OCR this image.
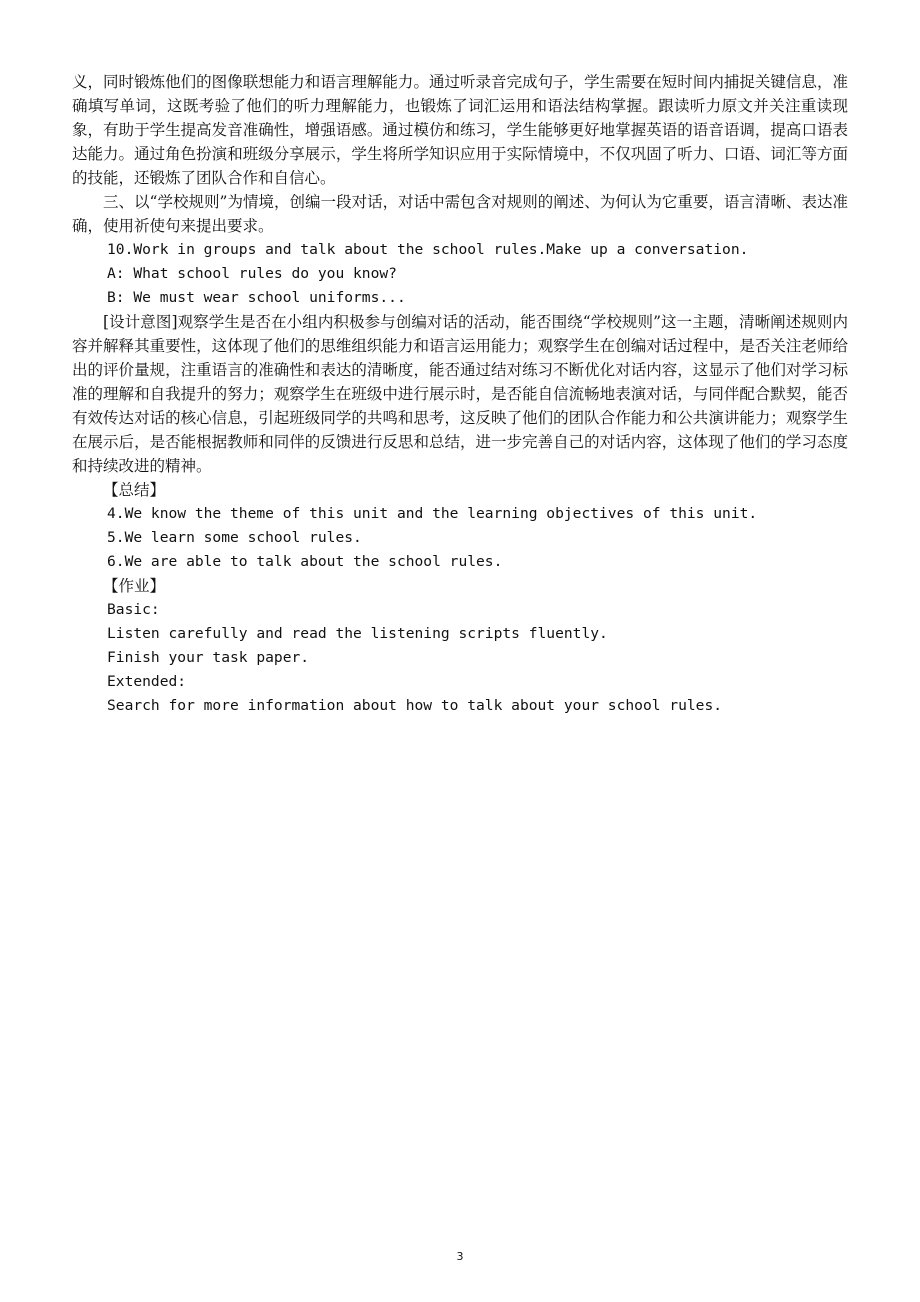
义，同时锻炼他们的图像联想能力和语言理解能力。通过听录音完成句子，学生需要在短时间内捕捉关键信息，准确填写单词，这既考验了他们的听力理解能力，也锻炼了词汇运用和语法结构掌握。跟读听力原文并关注重读现象，有助于学生提高发音准确性，增强语感。通过模仿和练习，学生能够更好地掌握英语的语音语调，提高口语表达能力。通过角色扮演和班级分享展示，学生将所学知识应用于实际情境中，不仅巩固了听力、口语、词汇等方面的技能，还锻炼了团队合作和自信心。

三、以“学校规则”为情境，创编一段对话，对话中需包含对规则的阐述、为何认为它重要，语言清晰、表达准确，使用祈使句来提出要求。

10.Work in groups and talk about the school rules.Make up a conversation.

A: What school rules do you know?

B: We must wear school uniforms...

[设计意图]观察学生是否在小组内积极参与创编对话的活动，能否围绕“学校规则”这一主题，清晰阐述规则内容并解释其重要性，这体现了他们的思维组织能力和语言运用能力；观察学生在创编对话过程中，是否关注老师给出的评价量规，注重语言的准确性和表达的清晰度，能否通过结对练习不断优化对话内容，这显示了他们对学习标准的理解和自我提升的努力；观察学生在班级中进行展示时，是否能自信流畅地表演对话，与同伴配合默契，能否有效传达对话的核心信息，引起班级同学的共鸣和思考，这反映了他们的团队合作能力和公共演讲能力；观察学生在展示后，是否能根据教师和同伴的反馈进行反思和总结，进一步完善自己的对话内容，这体现了他们的学习态度和持续改进的精神。

【总结】

4.We know the theme of this unit and the learning objectives of this unit.

5.We learn some school rules.

6.We are able to talk about the school rules.

【作业】

Basic:

Listen carefully and read the listening scripts fluently.

Finish your task paper.

Extended:

Search for more information about how to talk about your school rules.

3
